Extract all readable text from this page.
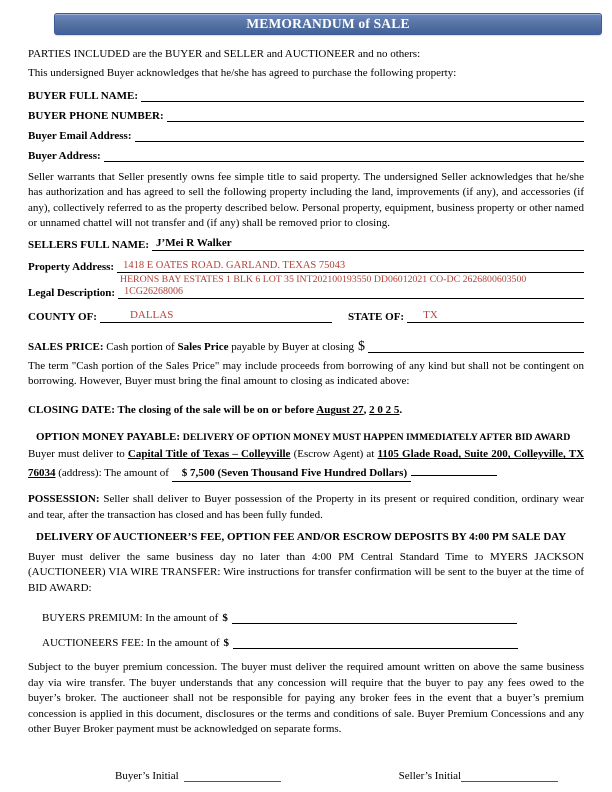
MEMORANDUM of SALE
PARTIES INCLUDED are the BUYER and SELLER and AUCTIONEER and no others:
This undersigned Buyer acknowledges that he/she has agreed to purchase the following property:
BUYER FULL NAME:
BUYER PHONE NUMBER:
Buyer Email Address:
Buyer Address:

Seller warrants that Seller presently owns fee simple title to said property. The undersigned Seller acknowledges that he/she has authorization and has agreed to sell the following property including the land, improvements (if any), and accessories (if any), collectively referred to as the property described below. Personal property, equipment, business property or other named or unnamed chattel will not transfer and (if any) shall be removed prior to closing.

SELLERS FULL NAME: J’Mei R Walker
Property Address: 1418 E OATES ROAD. GARLAND. TEXAS 75043
HERONS BAY ESTATES 1 BLK 6 LOT 35 INT202100193550 DD06012021 CO-DC 2626800603500
Legal Description: 1CG26268006
COUNTY OF:	DALLAS	STATE OF:	TX
SALES PRICE: Cash portion of Sales Price payable by Buyer at closing $

The term "Cash portion of the Sales Price" may include proceeds from borrowing of any kind but shall not be contingent on borrowing. However, Buyer must bring the final amount to closing as indicated above:

CLOSING DATE: The closing of the sale will be on or before August 27, 2 0 2 5.
OPTION MONEY PAYABLE: DELIVERY OF OPTION MONEY MUST HAPPEN IMMEDIATELY AFTER BID AWARD

Buyer must deliver to Capital Title of Texas – Colleyville (Escrow Agent) at 1105 Glade Road, Suite 200, Colleyville, TX 76034 (address): The amount of $ 7,500 (Seven Thousand Five Hundred Dollars)

POSSESSION: Seller shall deliver to Buyer possession of the Property in its present or required condition, ordinary wear and tear, after the transaction has closed and has been fully funded.

DELIVERY OF AUCTIONEER’S FEE, OPTION FEE AND/OR ESCROW DEPOSITS BY 4:00 PM SALE DAY

Buyer must deliver the same business day no later than 4:00 PM Central Standard Time to MYERS JACKSON (AUCTIONEER) VIA WIRE TRANSFER: Wire instructions for transfer confirmation will be sent to the buyer at the time of BID AWARD:

BUYERS PREMIUM: In the amount of $
AUCTIONEERS FEE: In the amount of $

Subject to the buyer premium concession. The buyer must deliver the required amount written on above the same business day via wire transfer. The buyer understands that any concession will require that the buyer to pay any fees owed to the buyer’s broker. The auctioneer shall not be responsible for paying any broker fees in the event that a buyer’s premium concession is applied in this document, disclosures or the terms and conditions of sale. Buyer Premium Concessions and any other Buyer Broker payment must be acknowledged on separate forms.

Buyer’s Initial	Seller’s Initial
